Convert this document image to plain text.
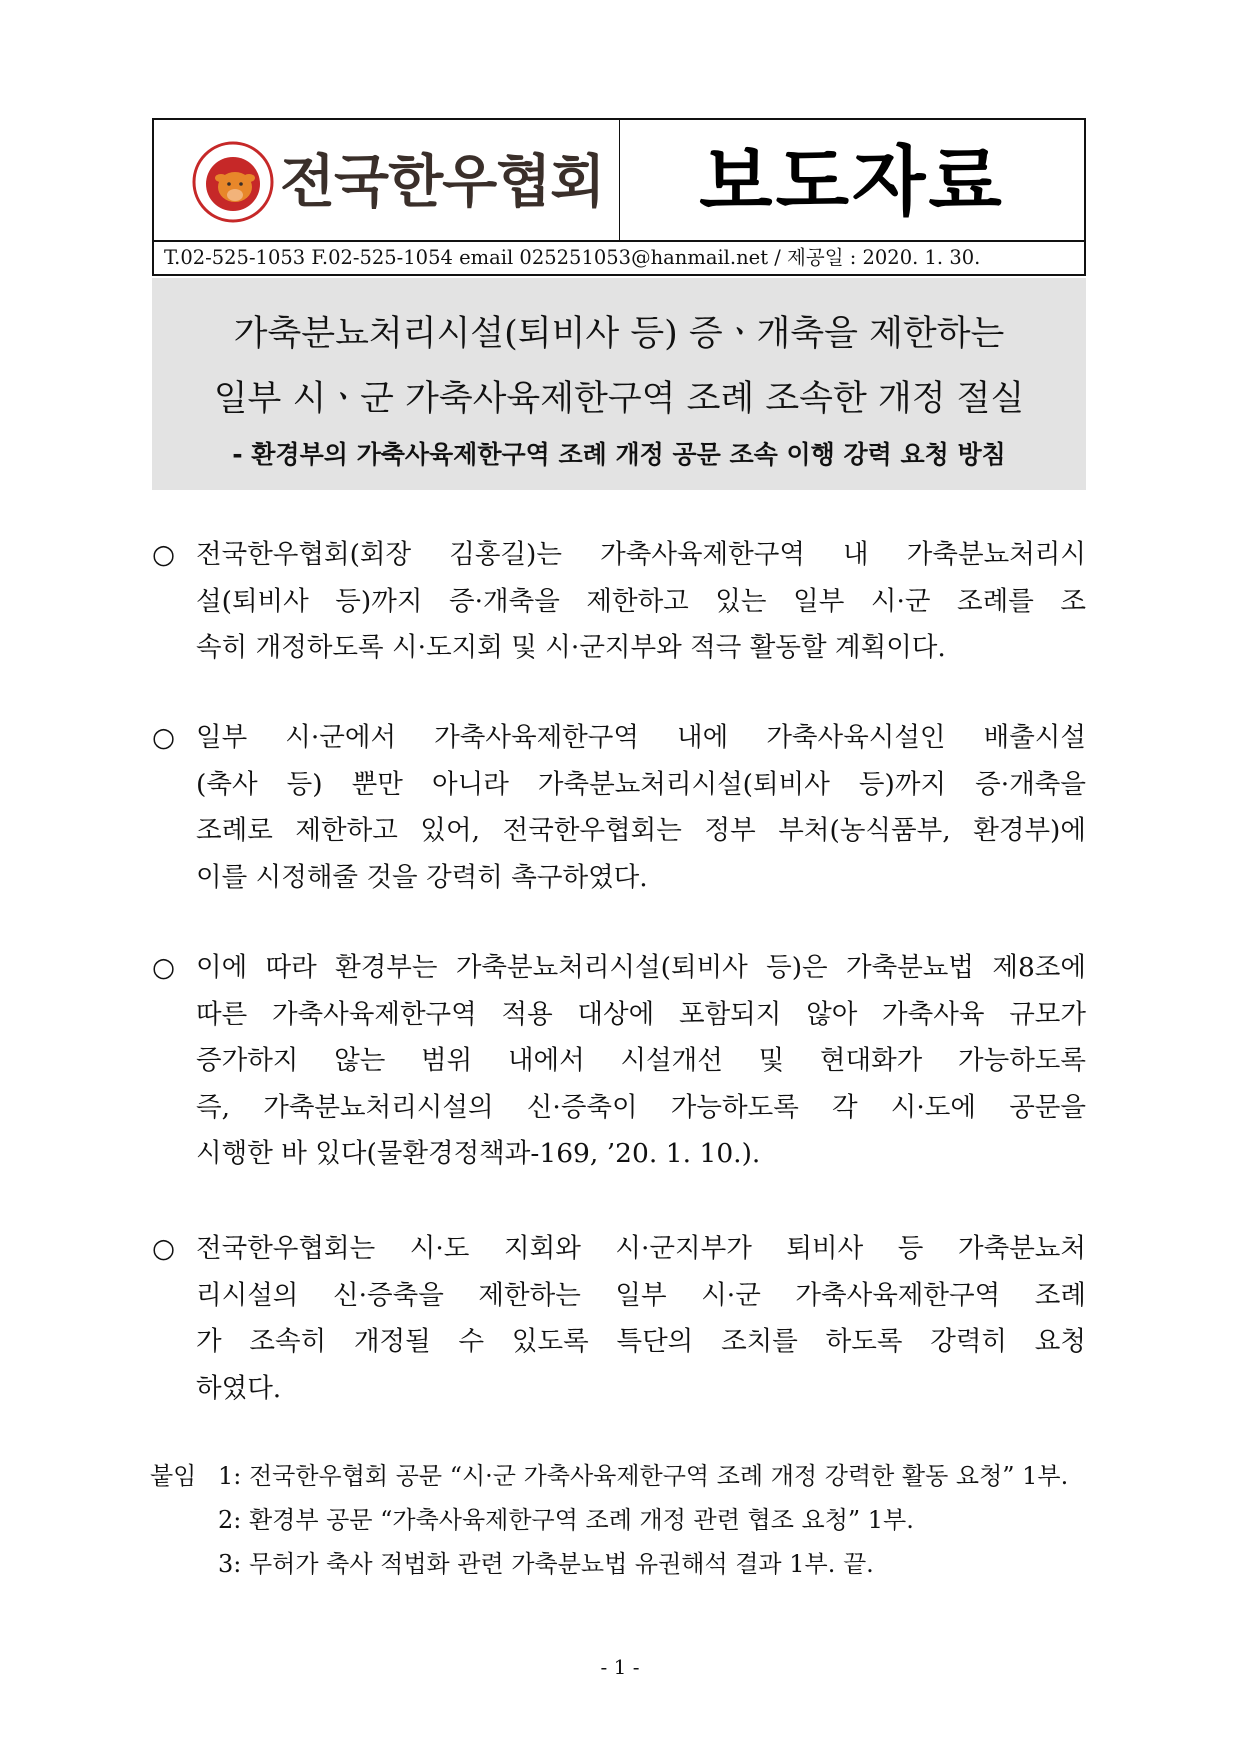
전국한우협회	보도자료
T.02-525-1053 F.02-525-1054 email 025251053@hanmail.net / 제공일 : 2020. 1. 30.
가축분뇨처리시설(퇴비사 등) 증ㆍ개축을 제한하는
일부 시ㆍ군 가축사육제한구역 조례 조속한 개정 절실
- 환경부의 가축사육제한구역 조례 개정 공문 조속 이행 강력 요청 방침
○ 전국한우협회(회장 김홍길)는 가축사육제한구역 내 가축분뇨처리시
설(퇴비사 등)까지 증·개축을 제한하고 있는 일부 시·군 조례를 조
속히 개정하도록 시·도지회 및 시·군지부와 적극 활동할 계획이다.
○ 일부 시·군에서 가축사육제한구역 내에 가축사육시설인 배출시설
(축사 등) 뿐만 아니라 가축분뇨처리시설(퇴비사 등)까지 증·개축을
조례로 제한하고 있어, 전국한우협회는 정부 부처(농식품부, 환경부)에
이를 시정해줄 것을 강력히 촉구하였다.
○ 이에 따라 환경부는 가축분뇨처리시설(퇴비사 등)은 가축분뇨법 제8조에
따른 가축사육제한구역 적용 대상에 포함되지 않아 가축사육 규모가
증가하지 않는 범위 내에서 시설개선 및 현대화가 가능하도록
즉, 가축분뇨처리시설의 신·증축이 가능하도록 각 시·도에 공문을
시행한 바 있다(물환경정책과-169, ’20. 1. 10.).
○ 전국한우협회는 시·도 지회와 시·군지부가 퇴비사 등 가축분뇨처
리시설의 신·증축을 제한하는 일부 시·군 가축사육제한구역 조례
가 조속히 개정될 수 있도록 특단의 조치를 하도록 강력히 요청
하였다.
붙임 1: 전국한우협회 공문 “시·군 가축사육제한구역 조례 개정 강력한 활동 요청” 1부.
2: 환경부 공문 “가축사육제한구역 조례 개정 관련 협조 요청” 1부.
3: 무허가 축사 적법화 관련 가축분뇨법 유권해석 결과 1부. 끝.
- 1 -
